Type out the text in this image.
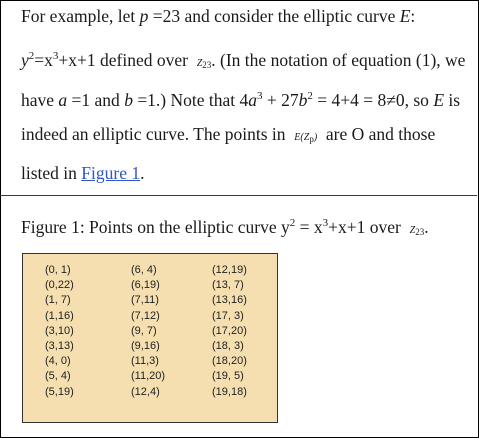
For example, let p =23 and consider the elliptic curve E:
$y^2=x^3+x+1$ defined over  $Z_{23}$. (In the notation of equation (1), we
have a =1 and b =1.) Note that $4a^3 + 27b^2 = 4+4 = 8\ne 0$, so E is
indeed an elliptic curve. The points in  $E(Z_p)$  are O and those
listed in Figure 1.
Figure 1: Points on the elliptic curve $y^2 = x^3+x+1$ over  $Z_{23}$.
(0, 1)
(0,22)
(1, 7)
(1,16)
(3,10)
(3,13)
(4, 0)
(5, 4)
(5,19)
(6, 4)
(6,19)
(7,11)
(7,12)
(9, 7)
(9,16)
(11,3)
(11,20)
(12,4)
(12,19)
(13, 7)
(13,16)
(17, 3)
(17,20)
(18, 3)
(18,20)
(19, 5)
(19,18)
